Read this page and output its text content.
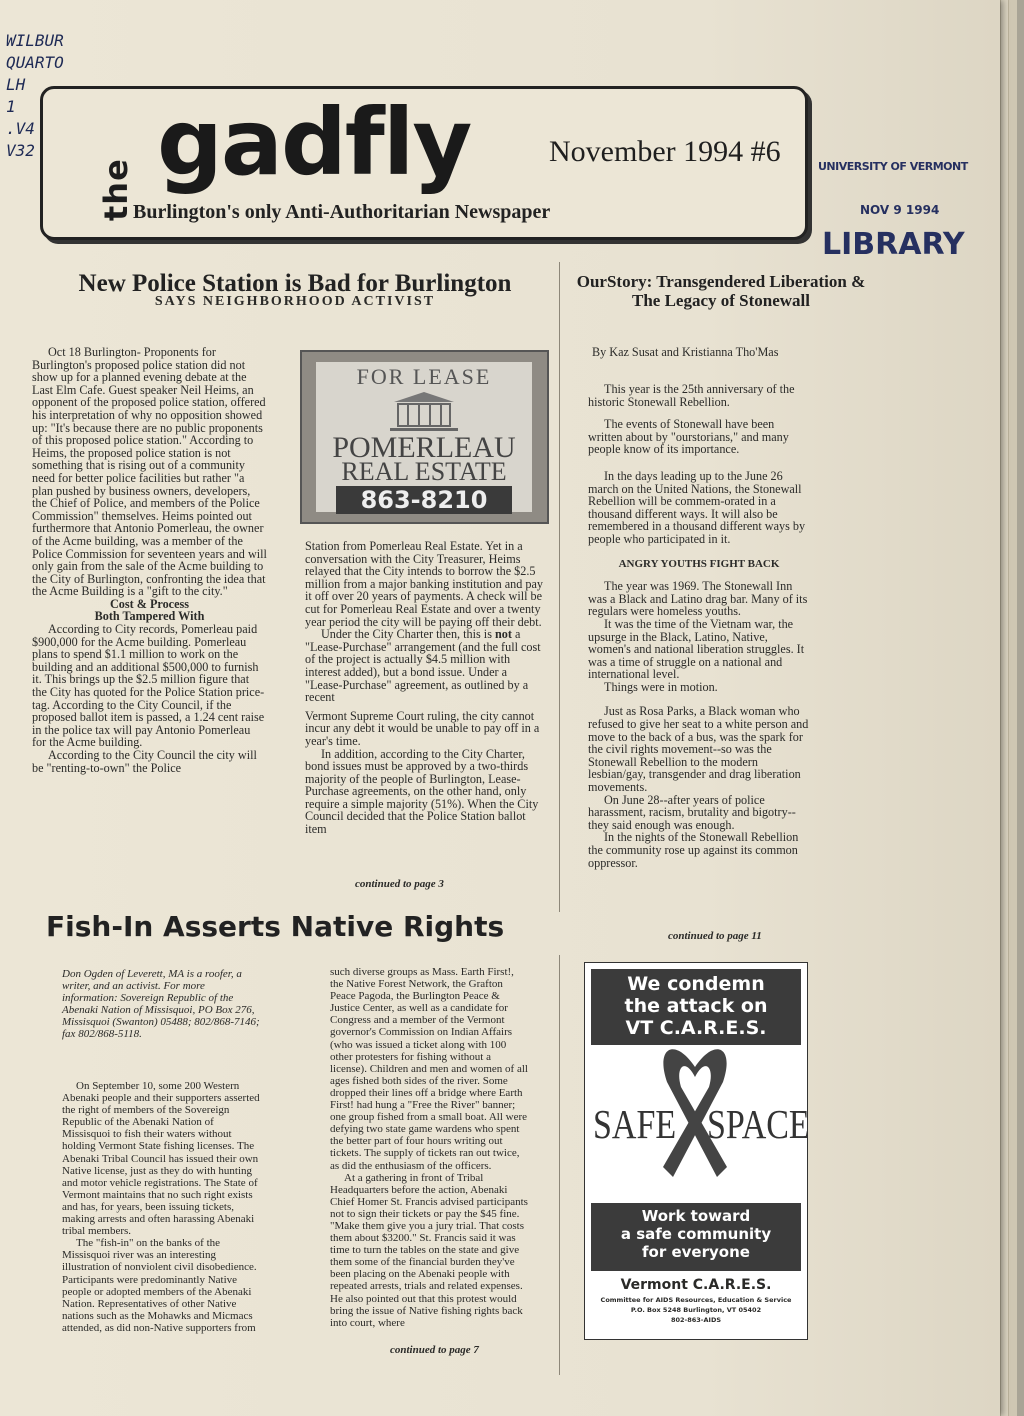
WILBUR
QUARTO
LH
1
.V4
V32
the gadfly	November 1994 #6
Burlington's only Anti-Authoritarian Newspaper
UNIVERSITY OF VERMONT
NOV 9 1994
LIBRARY
New Police Station is Bad for Burlington
SAYS NEIGHBORHOOD ACTIVIST

Oct 18 Burlington- Proponents for Burlington's proposed police station did not show up for a planned evening debate at the Last Elm Cafe. Guest speaker Neil Heims, an opponent of the proposed police station, offered his interpretation of why no opposition showed up: "It's because there are no public proponents of this proposed police station." According to Heims, the proposed police station is not something that is rising out of a community need for better police facilities but rather "a plan pushed by business owners, developers, the Chief of Police, and members of the Police Commission" themselves. Heims pointed out furthermore that Antonio Pomerleau, the owner of the Acme building, was a member of the Police Commission for seventeen years and will only gain from the sale of the Acme building to the City of Burlington, confronting the idea that the Acme Building is a "gift to the city."

Cost & Process
Both Tampered With

According to City records, Pomerleau paid $900,000 for the Acme building. Pomerleau plans to spend $1.1 million to work on the building and an additional $500,000 to furnish it. This brings up the $2.5 million figure that the City has quoted for the Police Station price-tag. According to the City Council, if the proposed ballot item is passed, a 1.24 cent raise in the police tax will pay Antonio Pomerleau for the Acme building.

According to the City Council the city will be "renting-to-own" the Police

FOR LEASE
POMERLEAU
REAL ESTATE
863-8210

Station from Pomerleau Real Estate. Yet in a conversation with the City Treasurer, Heims relayed that the City intends to borrow the $2.5 million from a major banking institution and pay it off over 20 years of payments. A check will be cut for Pomerleau Real Estate and over a twenty year period the city will be paying off their debt.

Under the City Charter then, this is not a "Lease-Purchase" arrangement (and the full cost of the project is actually $4.5 million with interest added), but a bond issue. Under a "Lease-Purchase" agreement, as outlined by a recent

Vermont Supreme Court ruling, the city cannot incur any debt it would be unable to pay off in a year's time.

In addition, according to the City Charter, bond issues must be approved by a two-thirds majority of the people of Burlington, Lease-Purchase agreements, on the other hand, only require a simple majority (51%). When the City Council decided that the Police Station ballot item

continued to page 3
OurStory: Transgendered Liberation &
The Legacy of Stonewall
By Kaz Susat and Kristianna Tho'Mas

This year is the 25th anniversary of the historic Stonewall Rebellion.

The events of Stonewall have been written about by "ourstorians," and many people know of its importance.

In the days leading up to the June 26 march on the United Nations, the Stonewall Rebellion will be commem-orated in a thousand different ways. It will also be remembered in a thousand different ways by people who participated in it.

ANGRY YOUTHS FIGHT BACK

The year was 1969. The Stonewall Inn was a Black and Latino drag bar. Many of its regulars were homeless youths.

It was the time of the Vietnam war, the upsurge in the Black, Latino, Native, women's and national liberation struggles. It was a time of struggle on a national and international level.

Things were in motion.

Just as Rosa Parks, a Black woman who refused to give her seat to a white person and move to the back of a bus, was the spark for the civil rights movement--so was the Stonewall Rebellion to the modern lesbian/gay, transgender and drag liberation movements.

On June 28--after years of police harassment, racism, brutality and bigotry--they said enough was enough.

In the nights of the Stonewall Rebellion the community rose up against its common oppressor.

continued to page 11
Fish-In Asserts Native Rights
Don Ogden of Leverett, MA is a roofer, a writer, and an activist. For more information: Sovereign Republic of the Abenaki Nation of Missisquoi, PO Box 276, Missisquoi (Swanton) 05488; 802/868-7146; fax 802/868-5118.

On September 10, some 200 Western Abenaki people and their supporters asserted the right of members of the Sovereign Republic of the Abenaki Nation of Missisquoi to fish their waters without holding Vermont State fishing licenses. The Abenaki Tribal Council has issued their own Native license, just as they do with hunting and motor vehicle registrations. The State of Vermont maintains that no such right exists and has, for years, been issuing tickets, making arrests and often harassing Abenaki tribal members.

The "fish-in" on the banks of the Missisquoi river was an interesting illustration of nonviolent civil disobedience. Participants were predominantly Native people or adopted members of the Abenaki Nation. Representatives of other Native nations such as the Mohawks and Micmacs attended, as did non-Native supporters from

such diverse groups as Mass. Earth First!, the Native Forest Network, the Grafton Peace Pagoda, the Burlington Peace & Justice Center, as well as a candidate for Congress and a member of the Vermont governor's Commission on Indian Affairs (who was issued a ticket along with 100 other protesters for fishing without a license). Children and men and women of all ages fished both sides of the river. Some dropped their lines off a bridge where Earth First! had hung a "Free the River" banner; one group fished from a small boat. All were defying two state game wardens who spent the better part of four hours writing out tickets. The supply of tickets ran out twice, as did the enthusiasm of the officers.

At a gathering in front of Tribal Headquarters before the action, Abenaki Chief Homer St. Francis advised participants not to sign their tickets or pay the $45 fine. "Make them give you a jury trial. That costs them about $3200." St. Francis said it was time to turn the tables on the state and give them some of the financial burden they've been placing on the Abenaki people with repeated arrests, trials and related expenses. He also pointed out that this protest would bring the issue of Native fishing rights back into court, where

continued to page 7
We condemn
the attack on
VT C.A.R.E.S.
SAFE SPACE
Work toward
a safe community
for everyone
Vermont C.A.R.E.S.
Committee for AIDS Resources, Education & Service
P.O. Box 5248 Burlington, VT 05402
802-863-AIDS
